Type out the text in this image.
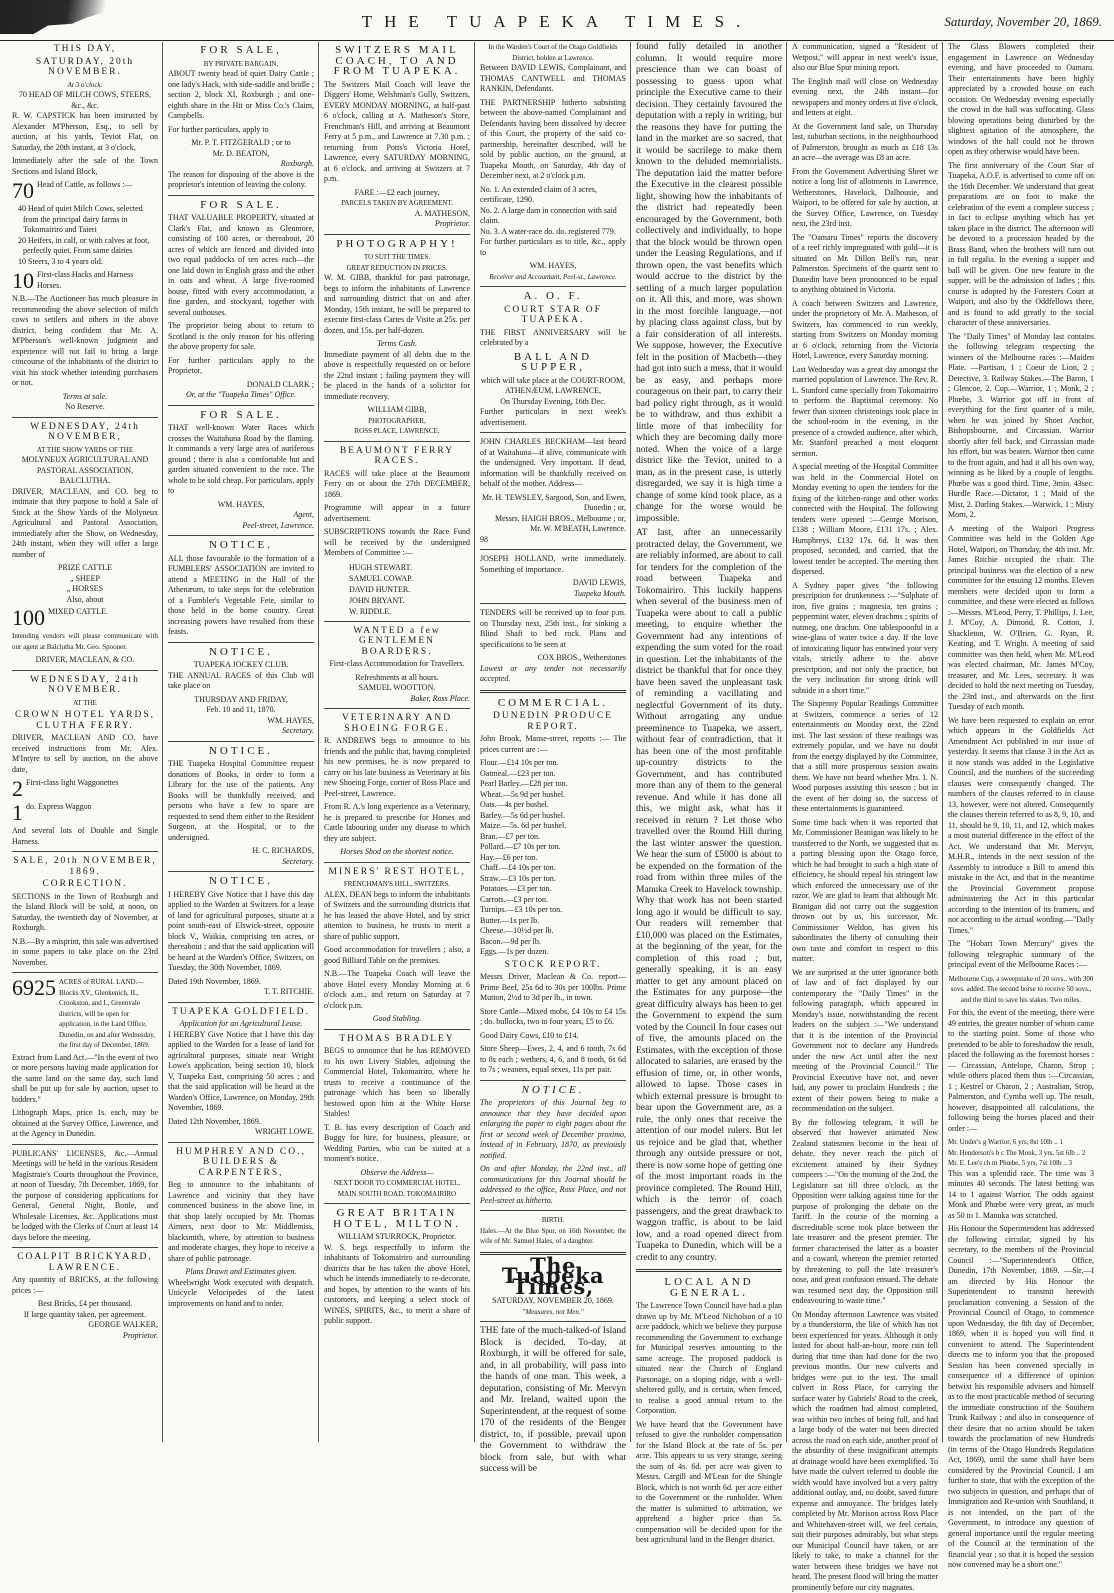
THE TUAPEKA TIMES.	Saturday, November 20, 1869.
THIS DAY,
SATURDAY, 20th NOVEMBER.
At 3 o'clock.
70 HEAD OF MILCH COWS, STEERS, &c., &c.

R. W. CAPSTICK has been instructed by Alexander M'Pherson, Esq., to sell by auction, at his yards, Teviot Flat, on Saturday, the 20th instant, at 3 o'clock,

Immediately after the sale of the Town Sections and Island Block,

70 Head of Cattle, as follows :—
40 Head of quiet Milch Cows, selected from the principal dairy farms in Tokomairiro and Taieri
20 Heifers, in calf, or with calves at foot, perfectly quiet. From same dairies
10 Steers, 3 to 4 years old.
10 First-class Hacks and Harness Horses.

N.B.—The Auctioneer has much pleasure in recommending the above selection of milch cows to settlers and others in the above district, being confident that Mr. A. M'Pherson's well-known judgment and experience will not fail to bring a large concourse of the inhabitants of the district to visit his stock whether intending purchasers or not.

Terms at sale.
No Reserve.
WEDNESDAY, 24th NOVEMBER,
AT THE SHOW YARDS OF THE
MOLYNEUX AGRICULTURAL AND PASTORAL ASSOCIATION, BALCLUTHA.

DRIVER, MACLEAN, and CO. beg to intimate that they purpose to hold a Sale of Stock at the Show Yards of the Molyneux Agricultural and Pastoral Association, immediately after the Show, on Wednesday, 24th instant, when they will offer a large number of

PRIZE CATTLE
„ SHEEP
„ HORSES
Also, about
100 MIXED CATTLE.

Intending vendors will please communicate with our agent at Balclutha Mr. Geo. Spooner.

DRIVER, MACLEAN, & CO.
WEDNESDAY, 24th NOVEMBER.
AT THE
CROWN HOTEL YARDS, CLUTHA FERRY.

DRIVER, MACLEAN AND CO. have received instructions from Mr. Alex. M'Intyre to sell by auction, on the above date,

2 First-class light Waggonettes
1 do. Express Waggon

And several lots of Double and Single Harness.

SALE, 20th NOVEMBER, 1869.
CORRECTION.

SECTIONS in the Town of Roxburgh and the Island Block will be sold, at noon, on Saturday, the twentieth day of November, at Roxburgh.

N.B.—By a misprint, this sale was advertised in some papers to take place on the 23rd November.

6925 ACRES of RURAL LAND.— Blocks XV., Glenkenich, II., Crookston, and I., Greenvale districts, will be open for application, in the Land Office, Dunedin, on and after Wednesday, the first day of December, 1869.

Extract from Land Act.—"In the event of two or more persons having made application for the same land on the same day, such land shall be put up for sale by auction, upset to bidders."

Lithograph Maps, price 1s. each, may be obtained at the Survey Office, Lawrence, and at the Agency in Dunedin.

PUBLICANS' LICENSES, &c.—Annual Meetings will be held in the various Resident Magistrate's Courts throughout the Province, at noon of Tuesday, 7th December, 1869, for the purpose of considering applications for General, General Night, Bottle, and Wholesale Licenses, &c. Applications must be lodged with the Clerks of Court at least 14 days before the meeting.

COALPIT BRICKYARD, LAWRENCE.

Any quantity of BRICKS, at the following prices :—

Best Bricks, £4 per thousand.
If large quantity taken, per agreement.
GEORGE WALKER,
Proprietor.
FOR SALE,
BY PRIVATE BARGAIN,

ABOUT twenty head of quiet Dairy Cattle ; one lady's Hack, with side-saddle and bridle ; section 2, block XI, Roxburgh ; and one-eighth share in the Hit or Miss Co.'s Claim, Campbells.

For further particulars, apply to

Mr. P. T. FITZGERALD ; or to
Mr. D. BEATON,
Roxburgh.

The reason for disposing of the above is the proprietor's intention of leaving the colony.

FOR SALE.

THAT VALUABLE PROPERTY, situated at Clark's Flat, and known as Glenmore, consisting of 100 acres, or thereabout, 20 acres of which are fenced and divided into two equal paddocks of ten acres each—the one laid down in English grass and the other in oats and wheat. A large five-roomed house, fitted with every accommodation, a fine garden, and stockyard, together with several outhouses.

The proprietor being about to return to Scotland is the only reason for his offering the above property for sale.

For further particulars apply to the Proprietor,

DONALD CLARK ;
Or, at the "Tuapeka Times" Office.
FOR SALE.

THAT well-known Water Races which crosses the Waitahuna Road by the flaming. It commands a very large area of auriferous ground ; there is also a comfortable hut and garden situated convenient to the race. The whole to be sold cheap. For particulars, apply to

WM. HAYES,
Agent,
Peel-street, Lawrence.
NOTICE.

ALL those favourable to the formation of a FUMBLERS' ASSOCIATION are invited to attend a MEETING in the Hall of the Athenæum, to take steps for the celebration of a Fumbler's Vegetable Fete, similar to those held in the home country. Great increasing powers have resulted from these feasts.

NOTICE.
TUAPEKA JOCKEY CLUB.

THE ANNUAL RACES of this Club will take place on

THURSDAY AND FRIDAY,
Feb. 10 and 11, 1870.
WM. HAYES,
Secretary.
NOTICE.

THE Tuapeka Hospital Committee request donations of Books, in order to form a Library for the use of the patients. Any Books will be thankfully received, and persons who have a few to spare are requested to send them either to the Resident Surgeon, at the Hospital, or to the undersigned.

H. C. RICHARDS,
Secretary.
NOTICE.

I HEREBY Give Notice that I have this day applied to the Warden at Switzers for a lease of land for agricultural purposes, situate at a point south-east of Elswick-street, opposite block V., Waikia, comprising ten acres, or thereabout ; and that the said application will be heard at the Warden's Office, Switzers, on Tuesday, the 30th November, 1869.

Dated 19th November, 1869.
T. T. RITCHIE.
TUAPEKA GOLDFIELD.
Application for an Agricultural Lease.

I HEREBY Give Notice that I have this day applied to the Warden for a lease of land for agricultural purposes, situate near Wright Lowe's application, being section 10, block V, Tuapeka East, comprising 50 acres ; and that the said application will be heard at the Warden's Office, Lawrence, on Monday, 29th November, 1869.

Dated 12th November, 1869.
WRIGHT LOWE.
HUMPHREY AND CO., BUILDERS & CARPENTERS,

Beg to announce to the inhabitants of Lawrence and vicinity that they have commenced business in the above line, in that shop lately occupied by Mr. Thomas Aimers, next door to Mr. Middlemiss, blacksmith, where, by attention to business and moderate charges, they hope to receive a share of public patronage.

Plans Drawn and Estimates given.

Wheelwright Work executed with despatch. Unicycle Velocipedes of the latest improvements on hand and to order.

SWITZERS MAIL COACH, TO AND FROM TUAPEKA.

The Switzers Mail Coach will leave the Diggers' Home, Welshman's Gully, Switzers, EVERY MONDAY MORNING, at half-past 6 o'clock, calling at A. Matheson's Store, Frenchman's Hill, and arriving at Beaumont Ferry at 5 p.m., and Lawrence at 7.30 p.m. ; returning from Potts's Victoria Hotel, Lawrence, every SATURDAY MORNING, at 6 o'clock, and arriving at Switzers at 7 p.m.

FARE :—£2 each journey.
PARCELS TAKEN BY AGREEMENT.
A. MATHESON,
Proprietor.
PHOTOGRAPHY!
TO SUIT THE TIMES.
GREAT REDUCTION IN PRICES.

W. M. GIBB, thankful for past patronage, begs to inform the inhabitants of Lawrence and surrounding district that on and after Monday, 15th instant, he will be prepared to execute first-class Cartes de Visite at 25s. per dozen, and 15s. per half-dozen.

Terms Cash.

Immediate payment of all debts due to the above is respectfully requested on or before the 22nd instant ; failing payment they will be placed in the hands of a solicitor for immediate recovery.

WILLIAM GIBB,
PHOTOGRAPHER,
ROSS PLACE, LAWRENCE.
BEAUMONT FERRY RACES.

RACES will take place at the Beaumont Ferry on or about the 27th DECEMBER, 1869.

Programme will appear in a future advertisement.

SUBSCRIPTIONS towards the Race Fund will be received by the undersigned Members of Committee :—

HUGH STEWART.
SAMUEL COWAP.
DAVID HUNTER.
JOHN BRYANT.
W. RIDDLE.
WANTED a few GENTLEMEN BOARDERS.

First-class Accommodation for Travellers.

Refreshments at all hours.
SAMUEL WOOTTON.
Baker, Ross Place.
VETERINARY AND SHOEING FORGE.

R. ANDREWS begs to announce to his friends and the public that, having completed his new premises, he is now prepared to carry on his late business as Veterinary at his new Shoeing Forge, corner of Ross Place and Peel-street, Lawrence.

From R. A.'s long experience as a Veterinary, he is prepared to prescribe for Horses and Cattle labouring under any disease to which they are subject.

Horses Shod on the shortest notice.
MINERS' REST HOTEL,
FRENCHMAN'S HILL, SWITZERS.

ALEX. DEAN begs to inform the inhabitants of Switzers and the surrounding districts that he has leased the above Hotel, and by strict attention to business, he trusts to merit a share of public support.

Good accommodation for travellers ; also, a good Billiard Table on the premises.

N.B.—The Tuapeka Coach will leave the above Hotel every Monday Morning at 6 o'clock a.m., and return on Saturday at 7 o'clock p.m.

Good Stabling.
THOMAS BRADLEY

BEGS to announce that he has REMOVED to his own Livery Stables, adjoining the Commercial Hotel, Tokomairiro, where he trusts to receive a continuance of the patronage which has been so liberally bestowed upon him at the White Horse Stables!

T. B. has every description of Coach and Buggy for hire, for business, pleasure, or Wedding Parties, who can be suited at a moment's notice.

Observe the Address—
NEXT DOOR TO COMMERCIAL HOTEL, MAIN SOUTH ROAD, TOKOMAIRIRO
GREAT BRITAIN HOTEL, MILTON.
WILLIAM STURROCK, Proprietor.

W. S. begs respectfully to inform the inhabitants of Tokomairiro and surrounding districts that he has taken the above Hotel, which he intends immediately to re-decorate, and hopes, by attention to the wants of his customers, and keeping a select stock of WINES, SPIRITS, &c., to merit a share of public support.

In the Warden's Court of the Otago Goldfields District, holden at Lawrence.

Between DAVID LEWIS, Complainant, and THOMAS CANTWELL and THOMAS RANKIN, Defendants.

THE PARTNERSHIP hitherto subsisting between the above-named Complainant and Defendants having been dissolved by decree of this Court, the property of the said co-partnership, hereinafter described, will be sold by public auction, on the ground, at Tuapeka Mouth, on Saturday, 4th day of December next, at 2 o'clock p.m.

No. 1. An extended claim of 3 acres, certificate, 1290.
No. 2. A large dam in connection with said claim.
No. 3. A water-race do. do. registered 779.

For further particulars as to title, &c., apply to

WM. HAYES,
Receiver and Accountant, Peel-st., Lawrence.
A. O. F.
COURT STAR OF TUAPEKA.

THE FIRST ANNIVERSARY will be celebrated by a

BALL AND SUPPER,
which will take place at the COURT-ROOM, ATHENÆUM, LAWRENCE,
On Thursday Evening, 16th Dec.

Further particulars in next week's advertisement.

JOHN CHARLES BECKHAM—last heard of at Waitahuna—if alive, communicate with the undersigned. Very important. If dead, information will be thankfully received on behalf of the mother. Address—

Mr. H. TEWSLEY, Sargood, Son, and Ewen, Dunedin ; or,
Messrs. HAIGH BROS., Melbourne ; or,
Mr. W. M'BEATH, Lawrence.
98

JOSEPH HOLLAND, write immediately. Something of importance.

DAVID LEWIS,
Tuapeka Mouth.

TENDERS will be received up to four p.m. on Thursday next, 25th inst., for sinking a Blind Shaft to bed rock. Plans and specifications to be seen at

COX BROS., Wetherstones

Lowest or any tender not necessarily accepted.

COMMERCIAL.
DUNEDIN PRODUCE REPORT.

John Brook, Manse-street, reports :— The prices current are :—

Flour.—£14 10s per ton.

Oatmeal.—£23 per ton.

Pearl Barley.—£28 per ton.

Wheat.—5s 9d per bushel.

Oats.—4s per bushel.

Barley.—5s 6d per bushel.

Maize.—5s. 6d per bushel.

Bran.—£7 per ton.

Pollard.—£7 10s per ton.

Hay.—£6 per ton.

Chaff.—£4 10s per ton.

Straw.—£3 10s per ton.

Potatoes.—£3 per ton.

Carrots.—£3 per ton.

Turnips.—£3 10s per ton.

Butter.—1s per lb.

Cheese.—10½d per lb.

Bacon.—9d per lb.

Eggs.—1s per dozen.

STOCK REPORT.

Messrs Driver, Maclean & Co. report— Prime Beef, 25s 6d to 30s per 100lbs. Prime Mutton, 2½d to 3d per lb., in town.

Store Cattle—Mixed mobs, £4 10s to £4 15s ; do. bullocks, two to four years, £5 to £6.

Good Dairy Cows, £10 to £14.

Store Sheep—Ewes, 2, 4, and 6 tooth, 7s 6d to 8s each ; wethers, 4, 6, and 8 tooth, 6s 6d to 7s ; weaners, equal sexes, 11s per pair.

NOTICE.

The proprietors of this Journal beg to announce that they have decided upon enlarging the paper to eight pages about the first or second week of December proximo, instead of in February, 1870, as previously notified.

On and after Monday, the 22nd inst., all communications for this Journal should be addressed to the office, Ross Place, and not Peel-street as hitherto.

BIRTH.

Hales.—At the Blue Spur, on 16th November, the wife of Mr. Samuel Hales, of a daughter.

The Tuapeka Times,
SATURDAY, NOVEMBER 20, 1869.
"Measures, not Men."

THE fate of the much-talked-of Island Block is decided. To-day, at Roxburgh, it will be offered for sale, and, in all probability, will pass into the hands of one man. This week, a deputation, consisting of Mr. Mervyn and Mr. Ireland, waited upon the Superintendent, at the request of some 170 of the residents of the Benger district, to, if possible, prevail upon the Government to withdraw the block from sale, but with what success will be

found fully detailed in another column. It would require more prescience than we can boast of possessing to guess upon what principle the Executive came to their decision. They certainly favoured the deputation with a reply in writing, but the reasons they have for putting the land in the market are so sacred, that it would be sacrilege to make them known to the deluded memorialists. The deputation laid the matter before the Executive in the clearest possible light, showing how the inhabitants of the district had repeatedly been encouraged by the Government, both collectively and individually, to hope that the block would be thrown open under the Leasing Regulations, and if thrown open, the vast benefits which would accrue to the district by the settling of a much larger population on it. All this, and more, was shown in the most forcible language,—not by placing class against class, but by a fair consideration of all interests. We suppose, however, the Executive felt in the position of Macbeth—they had got into such a mess, that it would be as easy, and perhaps more courageous on their part, to carry their bad policy right through, as it would be to withdraw, and thus exhibit a little more of that imbecility for which they are becoming daily more noted. When the voice of a large district like the Teviot, united to a man, as in the present case, is utterly disregarded, we say it is high time a change of some kind took place, as a change for the worse would be impossible.

AT last, after an unnecessarily protracted delay, the Government, we are reliably informed, are about to call for tenders for the completion of the road between Tuapeka and Tokomairiro. This luckily happens when several of the business men of Tuapeka were about to call a public meeting, to enquire whether the Government had any intentions of expending the sum voted for the road in question. Let the inhabitants of the district be thankful that for once they have been saved the unpleasant task of reminding a vacillating and neglectful Government of its duty. Without arrogating any undue preeminence to Tuapeka, we assert, without fear of contradiction, that it has been one of the most profitable up-country districts to the Government, and has contributed more than any of them to the general revenue. And while it has done all this, we might ask, what has it received in return ? Let those who travelled over the Round Hill during the last winter answer the question. We hear the sum of £5000 is about to be expended on the formation of the road from within three miles of the Manuka Creek to Havelock township. Why that work has not been started long ago it would be difficult to say. Our readers will remember that £10,000 was placed on the Estimates, at the beginning of the year, for the completion of this road ; but, generally speaking, it is an easy matter to get any amount placed on the Estimates for any purpose—the great difficulty always has been to get the Government to expend the sum voted by the Council In four cases out of five, the amounts placed on the Estimates, with the exception of those allocated to salaries, are erased by the effusion of time, or, in other words, allowed to lapse. Those cases in which external pressure is brought to bear upon the Government are, as a rule, the only ones that receive the attention of our model rulers. But let us rejoice and be glad that, whether through any outside pressure or not, there is now some hope of getting one of the most important roads in the province completed. The Round Hill, which is the terror of coach passengers, and the great drawback to waggon traffic, is about to be laid low, and a road opened direct from Tuapeka to Dunedin, which will be a credit to any country.

LOCAL AND GENERAL.

The Lawrence Town Council have had a plan drawn up by Mr. M'Leod Nicholson of a 10 acre paddock, which we believe they purpose recommending the Government to exchange for Municipal reserves amounting to the same acreage. The proposed paddock is situated near the Church of England Parsonage, on a sloping ridge, with a well-sheltered gully, and is certain, when fenced, to realise a good annual return to the Corporation.

We have heard that the Government have refused to give the runholder compensation for the Island Block at the rate of 5s. per acre. This appears to us very strange, seeing the sum of 4s. 6d. per acre was given to Messrs. Cargill and M'Lean for the Shingle Block, which is not worth 6d. per acre either to the Government or the runholder. When the matter is submitted to arbitration, we apprehend a higher price than 5s. compensation will be decided upon for the best agricultural land in the Benger district.

A communication, signed a "Resident of Wetpost," will appear in next week's issue, also our Blue Spur mining report.

The English mail will close on Wednesday evening next, the 24th instant—for newspapers and money orders at five o'clock, and letters at eight.

At the Government land sale, on Thursday last, suburban sections, in the neighbourhood of Palmerston, brought as much as £18 13s an acre—the average was £8 an acre.

From the Government Advertising Sheet we notice a long list of allotments in Lawrence, Wetherstones, Havelock, Dalhousie, and Waipori, to be offered for sale by auction, at the Survey Office, Lawrence, on Tuesday next, the 23rd inst.

The "Oamaru Times" reports the discovery of a reef richly impregnated with gold—it is situated on Mr. Dillon Bell's run, near Palmerston. Specimens of the quartz sent to Dunedin have been pronounced to be equal to anything obtained in Victoria.

A coach between Switzers and Lawrence, under the proprietory of Mr. A. Matheson, of Switzers, has commenced to run weekly, starting from Switzers on Monday morning at 6 o'clock, returning from the Victoria Hotel, Lawrence, every Saturday morning.

Last Wednesday was a great day amongst the married population of Lawrence. The Rev. R. L. Stanford came specially from Tokomairiro to perform the Baptismal ceremony. No fewer than sixteen christenings took place in the school-room in the evening, in the presence of a crowded audience, after which, Mr. Stanford preached a most eloquent sermon.

A special meeting of the Hospital Committee was held in the Commercial Hotel on Monday evening to open the tenders for the fixing of the kitchen-range and other works connected with the Hospital. The following tenders were opened :—George Morison, £138 ; William Moore, £131 17s. ; Alex. Humphreys, £132 17s. 6d. It was then proposed, seconded, and carried, that the lowest tender be accepted. The meeting then dispersed.

A Sydney paper gives "the following prescription for drunkenness :—"Sulphate of iron, five grains ; magnesia, ten grains ; peppermint water, eleven drachms ; spirits of nutmeg, one drachm. One tablespoonful in a wine-glass of water twice a day. If the love of intoxicating liquor has entwined your very vitals, strictly adhere to the above prescription, and not only the practice, but the very inclination for strong drink will subside in a short time."

The Sixpenny Popular Readings Committee at Switzers, commence a series of 12 entertainments on Monday next, the 22nd inst. The last session of these readings was extremely popular, and we have no doubt from the energy displayed by the Committee, that a still more prosperous session awaits them. We have not heard whether Mrs. I. N. Wood purposes assisting this season ; but in the event of her doing so, the success of these entertainments is guaranteed.

Some time back when it was reported that Mr. Commissioner Beanigan was likely to be transferred to the North, we suggested that as a parting blessing upon the Otago force, which he had brought to such a high state of efficiency, he should repeal his stringent law which enforced the unnecessary use of the razor. We are glad to learn that although Mr. Branigan did not carry out the suggestion thrown out by us, his successor, Mr. Commissioner Weldon, has given his subordinates the liberty of consulting their own taste and comfort in respect to this matter.

We are surprised at the utter ignorance both of law and of fact displayed by our contemporary the "Daily Times" in the following paragraph, which appeared in Monday's issue, notwithstanding the recent leaders on the subject :—"We understand that it is the intention of the Provincial Government not to declare any Hundreds under the new Act until after the next meeting of the Provincial Council." The Provincial Executive have not, and never had, any power to proclaim Hundreds ; the extent of their powers being to make a recommendation on the subject.

By the following telegram, it will be observed that however animated New Zealand statesmen become in the heat of debate, they never reach the pitch of excitement attained by their Sydney compeers :—"On the morning of the 2nd, the Legislature sat till three o'clock, as the Opposition were talking against time for the purpose of prolonging the debate on the Tariff. In the course of the morning a discreditable scene took place between the late treasurer and the present premier. The former characterised the latter as a boaster and a coward, whereon the premier retorted by threatening to pull the late treasurer's nose, and great confusion ensued. The debate was resumed next day, the Opposition still endeavouring to waste time."

On Monday afternoon Lawrence was visited by a thunderstorm, the like of which has not been experienced for years. Although it only lasted for about half-an-hour, more rain fell during that time than had done for the two previous months. Our new culverts and bridges were put to the test. The small culvert in Ross Place, for carrying the surface water by Gabriels' Road to the creek, which the roadmen had almost completed, was within two inches of being full, and had a large body of the water not been directed across the road on each side, another proof of the absurdity of these insignificant attempts at drainage would have been exemplified. To have made the culvert referred to double the width would have involved but a very paltry additional outlay, and, no doubt, saved future expense and annoyance. The bridges lately completed by Mr. Morison across Ross Place and Whitehaven-street will, we feel certain, suit their purposes admirably, but what steps our Municipal Council have taken, or are likely to take, to make a channel for the water between these bridges we have not heard. The present flood will bring the matter prominently before our city magnates.

The Glass Blowers completed their engagement in Lawrence on Wednesday evening, and have proceeded to Oamaru. Their entertainments have been highly appreciated by a crowded house on each occasion. On Wednesday evening especially the crowd in the hall was suffocating. Glass blowing operations being disturbed by the slightest agitation of the atmosphere, the windows of the hall could not be thrown open as they otherwise would have been.

The first anniversary of the Court Star of Tuapeka, A.O.F. is advertised to come off on the 16th December. We understand that great preparations are on foot to make the celebration of the event a complete success ; in fact to eclipse anything which has yet taken place in the district. The afternoon will be devoted to a procession headed by the Brass Band, when the brothers will turn out in full regalia. In the evening a supper and ball will be given. One new feature in the supper, will be the admission of ladies ; this course is adopted by the Foresters Court at Waipori, and also by the Oddfellows there, and is found to add greatly to the social character of these anniversaries.

The "Daily Times" of Monday last contains the following telegram respecting the winners of the Melbourne races :—Maiden Plate. —Partisan, 1 ; Coeur de Lion, 2 ; Detective, 3. Railway Stakes.—The Baron, 1 ; Glencoe, 2. Cup.—Warrior, 1 ; Monk, 2 ; Phœbe, 3. Warrior got off in front of everything for the first quarter of a mile, when he was joined by Shoet Anchor, Bishopsbourne, and Circassian. Warrior shortly after fell back, and Circassian made his effort, but was beaten. Warrior then came to the front again, and had it all his own way, winning as he liked by a couple of lengths. Phœbe was a good third. Time, 3min. 43sec. Hurdle Race.—Dictator, 1 ; Maid of the Mist, 2. Darling Stakes.—Warwick, 1 ; Misty Morn, 2.

A meeting of the Waipori Progress Committee was held in the Golden Age Hotel, Waipori, on Thursday, the 4th inst. Mr. James Ritchie occupied the chair. The principal business was the election of a new committee for the ensuing 12 months. Eleven members were decided upon to form a committee, and these were elected as follows :—Messrs. M'Leod, Perry, T. Phillips, J. Lee, J. M'Coy, A. Dimond, R. Cotton, J. Shackleton, W. O'Brien, G. Ryan, R. Keating, and T. Wright. A meeting of said committee was then held, when Mr. M'Leod was elected chairman, Mr. James M'Coy, treasurer, and Mr. Lees, secretary. It was decided to hold the next meeting on Tuesday, the 23rd inst., and afterwards on the first Tuesday of each month.

We have been requested to explain an error which appears in the Goldfields Act Amendment Act published in our issue of yesterday. It seems that clause 3 in the Act as it now stands was added in the Legislative Council, and the numbers of the succeeding clauses were consequently changed. The numbers of the clauses referred to in clause 13, however, were not altered. Consequently the clauses therein referred to as 8, 9, 10, and 11, should be 9, 10, 11, and 12, which makes a most material difference in the effect of the Act. We understand that Mr. Mervyn, M.H.R., intends in the next session of the Assembly to introduce a Bill to amend this mistake in the Act, and that in the meantime the Provincial Government propose administering the Act in this particular according to the intention of its framers, and not according to the actual wording.—"Daily Times."

The "Hobart Town Mercury" gives the following telegraphic summary of the principal event of the Melbourne Races :—

Melbourne Cup, a sweepstake of 20 sovs., with 300 sovs. added. The second horse to receive 50 sovs., and the third to save his stakes. Two miles.

For this, the event of the meeting, there were 49 entries, the greater number of whom came to the starting point. Some of those who pretended to be able to foreshadow the result, placed the following as the foremost horses :— Circassian, Antelope, Charon, Strop ; while others placed them thus :—Circassian, 1 ; Kestrel or Charon, 2 ; Australian, Strop, Palmerston, and Cymba well up. The result, however, disappointed all calculations, the following being the horses placed and their order :—

Mr. Under's g Warrior, 6 yrs, 8st 10lb .. 1
Mr. Henderson's b c The Monk, 3 yrs, 5st 6lb .. 2
Mr. E. Lee's ch m Phœbe, 5 yrs, 7st 10lb .. 3

This was a splendid race. The time was 3 minutes 40 seconds. The latest betting was 14 to 1 against Warrior. The odds against Monk and Phœbe were very great, as much as 50 to 1. Manuka was scratched.

His Honour the Superintendent has addressed the following circular, signed by his secretary, to the members of the Provincial Council :—"Superintendent's Office, Dunedin, 17th November, 1869. —Sir,—I am directed by His Honour the Superintendent to transmit herewith proclamation convening a Session of the Provincial Council of Otago, to commence upon Wednesday, the 8th day of December, 1869, when it is hoped you will find it convenient to attend. The Superintendent directs me to inform you that the proposed Session has been convened specially in consequence of a difference of opinion betwixt his responsible advisers and himself as to the most practicable method of securing the immediate construction of the Southern Trunk Railway ; and also in consequence of their desire that no action should be taken towards the proclamation of new Hundreds (in terms of the Otago Hundreds Regulation Act, 1869), until the same shall have been considered by the Provincial Council. I am further to state, that with the exception of the two subjects in question, and perhaps that of Immigration and Re-union with Southland, it is not intended, on the part of the Government, to introduce any question of general importance until the regular meeting of the Council at the termination of the financial year ; so that it is hoped the session now convened may be a short one."
